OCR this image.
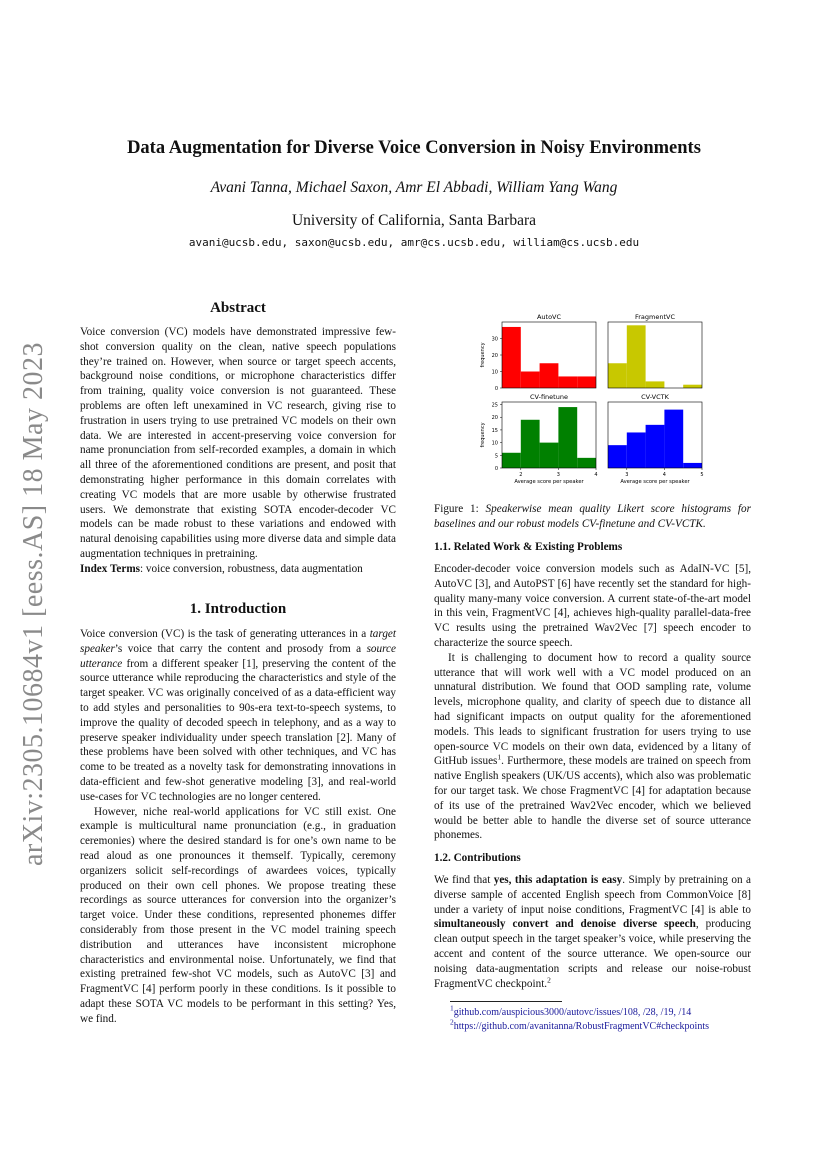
arXiv:2305.10684v1 [eess.AS] 18 May 2023
Data Augmentation for Diverse Voice Conversion in Noisy Environments
Avani Tanna, Michael Saxon, Amr El Abbadi, William Yang Wang
University of California, Santa Barbara
avani@ucsb.edu, saxon@ucsb.edu, amr@cs.ucsb.edu, william@cs.ucsb.edu
Abstract

Voice conversion (VC) models have demonstrated impressive few-shot conversion quality on the clean, native speech populations they’re trained on. However, when source or target speech accents, background noise conditions, or microphone characteristics differ from training, quality voice conversion is not guaranteed. These problems are often left unexamined in VC research, giving rise to frustration in users trying to use pretrained VC models on their own data. We are interested in accent-preserving voice conversion for name pronunciation from self-recorded examples, a domain in which all three of the aforementioned conditions are present, and posit that demonstrating higher performance in this domain correlates with creating VC models that are more usable by otherwise frustrated users. We demonstrate that existing SOTA encoder-decoder VC models can be made robust to these variations and endowed with natural denoising capabilities using more diverse data and simple data augmentation techniques in pretraining.

Index Terms: voice conversion, robustness, data augmentation

1. Introduction

Voice conversion (VC) is the task of generating utterances in a target speaker’s voice that carry the content and prosody from a source utterance from a different speaker [1], preserving the content of the source utterance while reproducing the characteristics and style of the target speaker. VC was originally conceived of as a data-efficient way to add styles and personalities to 90s-era text-to-speech systems, to improve the quality of decoded speech in telephony, and as a way to preserve speaker individuality under speech translation [2]. Many of these problems have been solved with other techniques, and VC has come to be treated as a novelty task for demonstrating innovations in data-efficient and few-shot generative modeling [3], and real-world use-cases for VC technologies are no longer centered.

However, niche real-world applications for VC still exist. One example is multicultural name pronunciation (e.g., in graduation ceremonies) where the desired standard is for one’s own name to be read aloud as one pronounces it themself. Typically, ceremony organizers solicit self-recordings of awardees voices, typically produced on their own cell phones. We propose treating these recordings as source utterances for conversion into the organizer’s target voice. Under these conditions, represented phonemes differ considerably from those present in the VC model training speech distribution and utterances have inconsistent microphone characteristics and environmental noise. Unfortunately, we find that existing pretrained few-shot VC models, such as AutoVC [3] and FragmentVC [4] perform poorly in these conditions. Is it possible to adapt these SOTA VC models to be performant in this setting? Yes, we find.

AutoVC
0
10
20
30
frequency
FragmentVC
CV-finetune
0
5
10
15
20
25
2	3	4
frequency
Average score per speaker
CV-VCTK
3	4	5
Average score per speaker
Figure 1: Speakerwise mean quality Likert score histograms for baselines and our robust models CV-finetune and CV-VCTK.
1.1. Related Work & Existing Problems

Encoder-decoder voice conversion models such as AdaIN-VC [5], AutoVC [3], and AutoPST [6] have recently set the standard for high-quality many-many voice conversion. A current state-of-the-art model in this vein, FragmentVC [4], achieves high-quality parallel-data-free VC results using the pretrained Wav2Vec [7] speech encoder to characterize the source speech.

It is challenging to document how to record a quality source utterance that will work well with a VC model produced on an unnatural distribution. We found that OOD sampling rate, volume levels, microphone quality, and clarity of speech due to distance all had significant impacts on output quality for the aforementioned models. This leads to significant frustration for users trying to use open-source VC models on their own data, evidenced by a litany of GitHub issues$^1$. Furthermore, these models are trained on speech from native English speakers (UK/US accents), which also was problematic for our target task. We chose FragmentVC [4] for adaptation because of its use of the pretrained Wav2Vec encoder, which we believed would be better able to handle the diverse set of source utterance phonemes.

1.2. Contributions

We find that yes, this adaptation is easy. Simply by pretraining on a diverse sample of accented English speech from CommonVoice [8] under a variety of input noise conditions, FragmentVC [4] is able to simultaneously convert and denoise diverse speech, producing clean output speech in the target speaker’s voice, while preserving the accent and content of the source utterance. We open-source our noising data-augmentation scripts and release our noise-robust FragmentVC checkpoint.$^2$

$^1$github.com/auspicious3000/autovc/issues/108, /28, /19, /14
$^2$https://github.com/avanitanna/RobustFragmentVC#checkpoints
